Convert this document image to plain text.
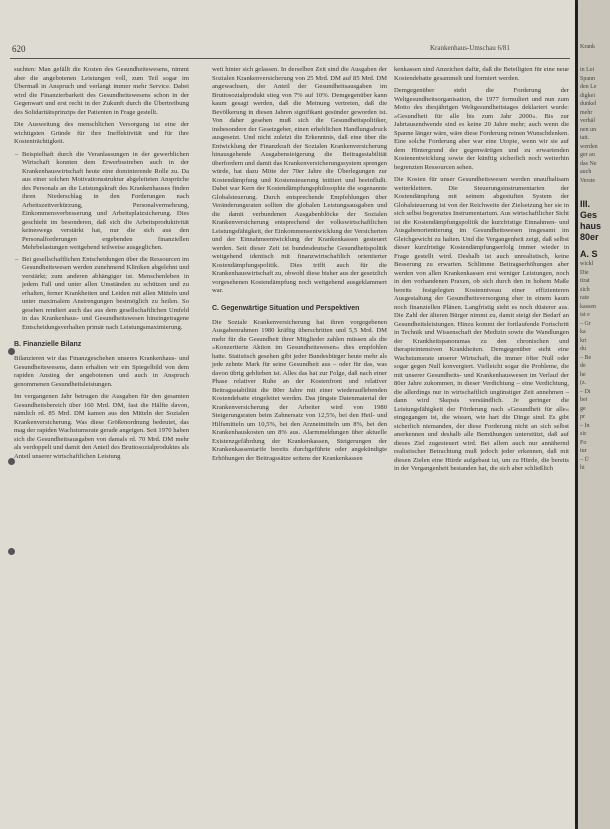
620	Krankenhaus-Umschau 6/81

suchten: Man gefällt die Kosten des Gesundheitswesens, nimmt aber die angebotenen Leistungen voll, zum Teil sogar im Übermaß in Anspruch und verlangt immer mehr Service. Dabei wird die Finanzierbarkeit des Gesundheitswesens schon in der Gegenwart und erst recht in der Zukunft durch die Übertreibung des Solidaritätsprinzips der Patienten in Frage gestellt.

Die Ausweitung des menschlichen Versorgung ist eine der wichtigsten Gründe für ihre Ineffektivität und für ihre Kostenträchtigkeit.

– Beispielhaft durch die Veranlassungen in der gewerblichen Wirtschaft konnten dem Erwerbsstreben auch in der Krankenhauswirtschaft heute eine dominierende Rolle zu. Da aus einer solchen Motivationsstruktur abgeleiteten Ansprüche des Personals an die Leistungskraft des Krankenhauses finden ihren Niederschlag in den Forderungen nach Arbeitszeitverkürzung, Personalvermehrung, Einkommensverbesserung und Arbeitsplatzsicherung. Dies geschieht im besonderen, daß sich die Arbeitsproduktivität keineswegs verstärkt hat, nur die sich aus den Personalforderungen ergebenden finanziellen Mehrbelastungen weitgehend teilweise ausgeglichen.
– Bei gesellschaftlichen Entscheidungen über die Ressourcen im Gesundheitswesen werden zunehmend Kliniken abgelehnt und verstärkt; zum anderen abhängiger ist. Menschenleben in jedem Fall und unter allen Umständen zu schützen und zu erhalten, ferner Krankheiten und Leiden mit allen Mitteln und unter maximalem Anstrengungen bestmöglich zu heilen. So gesehen rendiert auch das aus dem gesellschaftlichen Umfeld in das Krankenhaus- und Gesundheitswesen hineingetragene Entscheidungsverhalten primär nach Leistungsmaximierung.
B. Finanzielle Bilanz

Bilanzieren wir das Finanzgeschehen unseres Krankenhaus- und Gesundheitswesens, dann erhalten wir ein Spiegelbild von dem rapiden Anstieg der angebotenen und auch in Anspruch genommenen Gesundheitsleistungen.

Im vergangenen Jahr betrugen die Ausgaben für den gesamten Gesundheitsbereich über 160 Mrd. DM, fast die Hälfte davon, nämlich rd. 85 Mrd. DM kamen aus den Mitteln der Sozialen Krankenversicherung. Was diese Größenordnung bedeutet, das mag der rapiden Wachstumsrate gerade angeigen. Seit 1970 haben sich die Gesundheitsausgaben von damals rd. 70 Mrd. DM mehr als verdoppelt und damit den Anteil des Bruttosozialproduktes als Anteil unserer wirtschaftlichen Leistung

weit hinter sich gelassen. In derselben Zeit sind die Ausgaben der Sozialen Krankenversicherung von 25 Mrd. DM auf 85 Mrd. DM angewachsen, der Anteil der Gesundheitsausgaben im Bruttosozialprodukt stieg von 7% auf 10%. Demgegenüber kann kaum gesagt werden, daß die Meinung vertreten, daß die Bevölkerung in diesen Jahren signifikant gesünder geworden ist. Von daher gesehen muß sich die Gesundheitspolitiker, insbesondere der Gesetzgeber, einen erheblichen Handlungsdruck ausgesetzt. Und nicht zuletzt die Erkenntnis, daß eine über die Entwicklung der Finanzkraft der Sozialen Krankenversicherung hinausgehende Ausgabensteigerung die Beitragsstabilität überfordern und damit das Krankenversicherungssystem sprengen würde, hat dazu Mitte der 70er Jahre die Überlegungen zur Kostendämpfung und Kostensteuerung initiiert und beeinflußt. Dabei war Kern der Kostendämpfungsphilosophie die sogenannte Globalsteuerung. Durch entsprechende Empfehlungen über Veränderungsraten sollten die globalen Leistungsausgaben und die damit verbundenen Ausgabenblöcke der Sozialen Krankenversicherung entsprechend der volkswirtschaftlichen Leistungsfähigkeit, der Einkommensentwicklung der Versicherten und der Einnahmeentwicklung der Krankenkassen gesteuert werden. Seit dieser Zeit ist bundesdeutsche Gesundheitspolitik weitgehend identisch mit finanzwirtschaftlich orientierter Kostendämpfungspolitik. Dies trifft auch für die Krankenhauswirtschaft zu, obwohl diese bisher aus der gesetzlich vorgesehenen Kostendämpfung noch weitgehend ausgeklammert war.

C. Gegenwärtige Situation und Perspektiven

Die Soziale Krankenversicherung hat ihren vorgegebenen Ausgabenrahmen 1980 kräftig überschritten und 5,5 Mrd. DM mehr für die Gesundheit ihrer Mitglieder zahlen müssen als die »Konzertierte Aktion im Gesundheitswesen« dies empfohlen hatte. Statistisch gesehen gibt jeder Bundesbürger heute mehr als jede zehnte Mark für seine Gesundheit aus – oder für das, was davon übrig geblieben ist. Alles das hat zur Folge, daß nach einer Phase relativer Ruhe an der Kostenfront und relativer Beitragsstabilität die 80er Jahre mit einer wiederauflebenden Kostendebatte eingeleitet werden. Das jüngste Datenmaterial der Krankenversicherung der Arbeiter wird von 1980 Steigerungsraten beim Zahnersatz von 12,5%, bei den Heil- und Hilfsmitteln um 10,5%, bei den Arzneimitteln um 8%, bei den Krankenhauskosten um 8% aus. Alarmmeldungen über aktuelle Existenzgefährdung der Krankenkassen, Steigerungen der Krankenkassentarife bereits durchgeführte oder angekündigte Erhöhungen der Beitragssätze seitens der Krankenkassen

kenkassen sind Anzeichen dafür, daß die Beteiligten für eine neue Kostendebatte gesammelt und formiert werden.

Demgegenüber steht die Forderung der Weltgesundheitsorganisation, die 1977 formuliert und nun zum Motto des diesjährigen Weltgesundheitstages deklariert wurde: »Gesundheit für alle bis zum Jahr 2000«. Bis zur Jahrtausendwende sind es keine 20 Jahre mehr; auch wenn die Spanne länger wäre, wäre diese Forderung reinen Wunschdenken. Eine solche Forderung aber war eine Utopie, wenn wir sie auf dem Hintergrund der gegenwärtigen und zu erwartenden Kostenentwicklung sowie der künftig sicherlich noch weiterhin begrenzten Ressourcen sehen.

Die Kosten für unser Gesundheitswesen werden unaufhaltsam weiterklettern. Die Steuerungsinstrumentarien der Kostendämpfung mit seinem abgestuften System der Globalsteuerung ist von der Reichweite der Zielsetzung her sie in sich selbst begrenztes Instrumentarium. Aus wirtschaftlicher Sicht ist die Kostendämpfungspolitik die kurzfristige Einnahmen- und Ausgabenorientierung im Gesundheitswesen insgesamt im Gleichgewicht zu halten. Und die Vergangenheit zeigt, daß selbst dieser kurzfristige Kostendämpfungserfolg immer wieder in Frage gestellt wird. Deshalb ist auch unrealistisch, keine Besserung zu erwarten. Schlimme Beitragserhöhungen aber werden von allen Krankenkassen erst weniger Leistungen, noch in den vorhandenen Praxen, ob sich durch den in hohem Maße bereits festgelegten Kostenniveau einer effizienteren Ausgestaltung der Gesundheitsversorgung eher in einem kaum noch finanziellen Plänen. Langfristig sieht es noch düsterer aus. Die Zahl der älteren Bürger nimmt zu, damit steigt der Bedarf an Gesundheitsleistungen. Hinzu kommt der fortlaufende Fortschritt in Technik und Wissenschaft der Medizin sowie die Wandlungen der Krankheitspanoramas zu den chronischen und therapieintensiven Krankheiten. Demgegenüber steht eine Wachstumsrate unserer Wirtschaft, die immer öfter Null oder sogar gegen Null konvergiert. Vielleicht sogar die Probleme, die mit unserer Gesundheits- und Krankenhauswesen im Verlauf der 80er Jahre zukommen, in dieser Verdichtung – eine Verdichtung, die allerdings nur in wirtschaftlich ungünstiger Zeit annehmen – dann wird Skepsis verständlich. Je geringer die Leistungsfähigkeit der Förderung nach »Gesundheit für alle« eingegangen ist, die wissen, wie hart die Dinge sind. Es gibt sicherlich niemanden, der diese Forderung nicht an sich selbst anerkennen und deshalb alle Bemühungen unterstützt, daß auf dieses Ziel zugesteuert wird. Bei allem auch nur annähernd realistischer Betrachtung muß jedoch jeder erkennen, daß mit diesen Zielen eine Hürde aufgebaut ist, um zu Hürde, die bereits in der Vergangenheit bestanden hat, die sich aber schließlich

Krank
in Lei
Spann
den Le
digkei
dunkel
mehr
verhäl
nen un
tatt.
werden
ger au
das Ne
auch
Verste
III.
Ges
haus
80er
A. S
wickl
Die
tirat
sich
rate
kassen
ist e
– Gr
ka
kri
du
– Be
de
he
(z.
– Di
bei
ge
pr
– In
sic
Fo
tur
– Ü
hi
